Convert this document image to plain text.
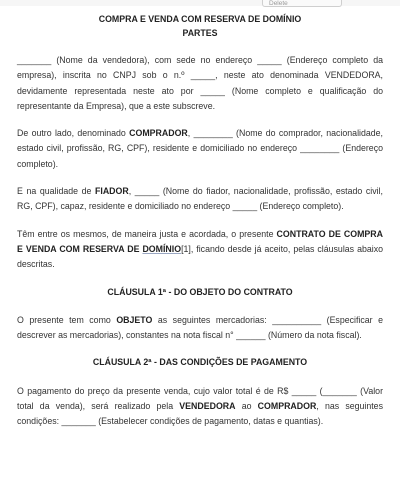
Delete
COMPRA E VENDA COM RESERVA DE DOMÍNIO
PARTES

_______ (Nome da vendedora), com sede no endereço _____ (Endereço completo da empresa), inscrita no CNPJ sob o n.º _____, neste ato denominada VENDEDORA, devidamente representada neste ato por _____ (Nome completo e qualificação do representante da Empresa), que a este subscreve.

De outro lado, denominado COMPRADOR, ________ (Nome do comprador, nacionalidade, estado civil, profissão, RG, CPF), residente e domiciliado no endereço ________ (Endereço completo).

E na qualidade de FIADOR, _____ (Nome do fiador, nacionalidade, profissão, estado civil, RG, CPF), capaz, residente e domiciliado no endereço _____ (Endereço completo).

Têm entre os mesmos, de maneira justa e acordada, o presente CONTRATO DE COMPRA E VENDA COM RESERVA DE DOMÍNIO[1], ficando desde já aceito, pelas cláusulas abaixo descritas.

CLÁUSULA 1ª - DO OBJETO DO CONTRATO

O presente tem como OBJETO as seguintes mercadorias: __________ (Especificar e descrever as mercadorias), constantes na nota fiscal n° ______ (Número da nota fiscal).

CLÁUSULA 2ª - DAS CONDIÇÕES DE PAGAMENTO

O pagamento do preço da presente venda, cujo valor total é de R$ _____ (_______ (Valor total da venda), será realizado pela VENDEDORA ao COMPRADOR, nas seguintes condições: _______ (Estabelecer condições de pagamento, datas e quantias).
